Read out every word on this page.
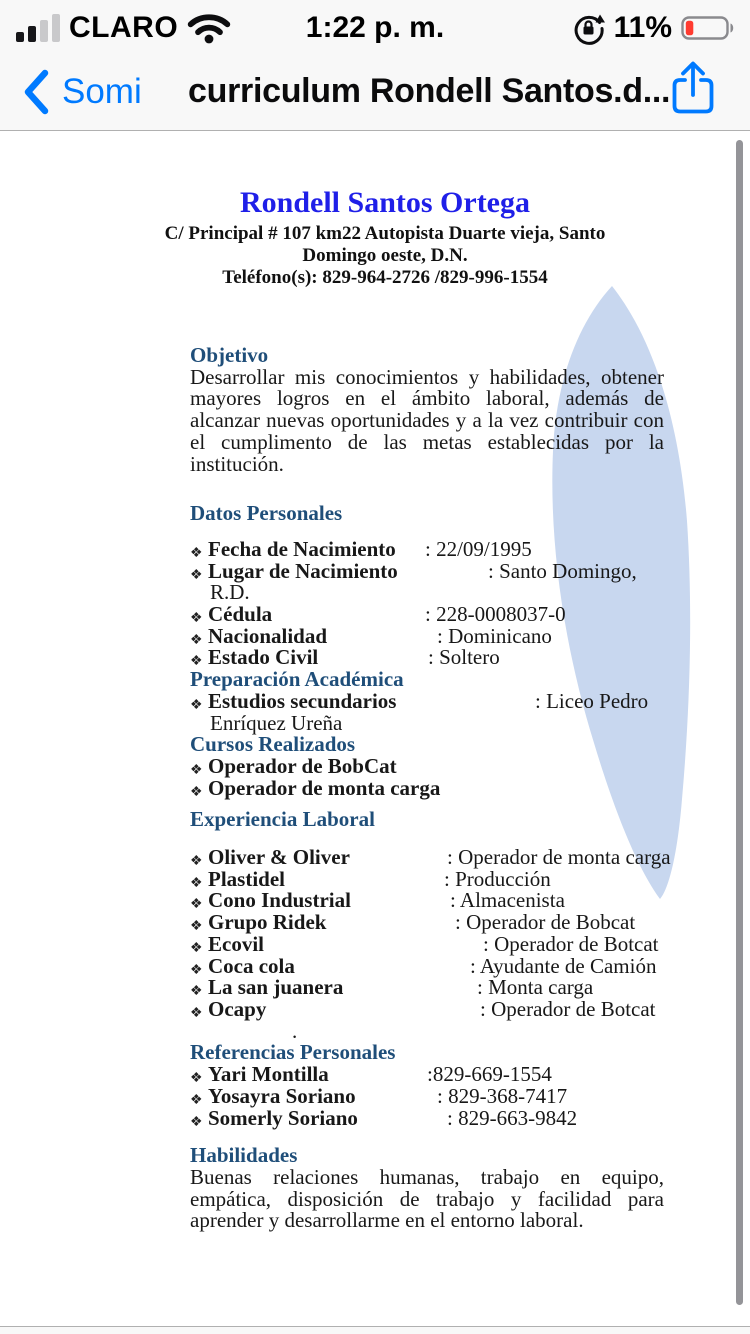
CLARO	1:22 p. m.	11%
Somi curriculum Rondell Santos.d...
Rondell Santos Ortega
C/ Principal # 107 km22 Autopista Duarte vieja, Santo
Domingo oeste, D.N.
Teléfono(s): 829-964-2726 /829-996-1554
Objetivo
Desarrollar mis conocimientos y habilidades, obtener mayores logros en el ámbito laboral, además de alcanzar nuevas oportunidades y a la vez contribuir con el cumplimento de las metas establecidas por la institución.
Datos Personales
❖ Fecha de Nacimiento : 22/09/1995
❖ Lugar de Nacimiento	: Santo Domingo,
R.D.
❖ Cédula	: 228-0008037-0
❖ Nacionalidad	: Dominicano
❖ Estado Civil	: Soltero
Preparación Académica
❖ Estudios secundarios	: Liceo Pedro
Enríquez Ureña
Cursos Realizados
❖ Operador de BobCat
❖ Operador de monta carga
Experiencia Laboral
❖ Oliver & Oliver	: Operador de monta carga
❖ Plastidel	: Producción
❖ Cono Industrial	: Almacenista
❖ Grupo Ridek	: Operador de Bobcat
❖ Ecovil	: Operador de Botcat
❖ Coca cola	: Ayudante de Camión
❖ La san juanera	: Monta carga
❖ Ocapy	: Operador de Botcat
.
Referencias Personales
❖ Yari Montilla	:829-669-1554
❖ Yosayra Soriano	: 829-368-7417
❖ Somerly Soriano	: 829-663-9842
Habilidades
Buenas relaciones humanas, trabajo en equipo, empática, disposición de trabajo y facilidad para aprender y desarrollarme en el entorno laboral.
